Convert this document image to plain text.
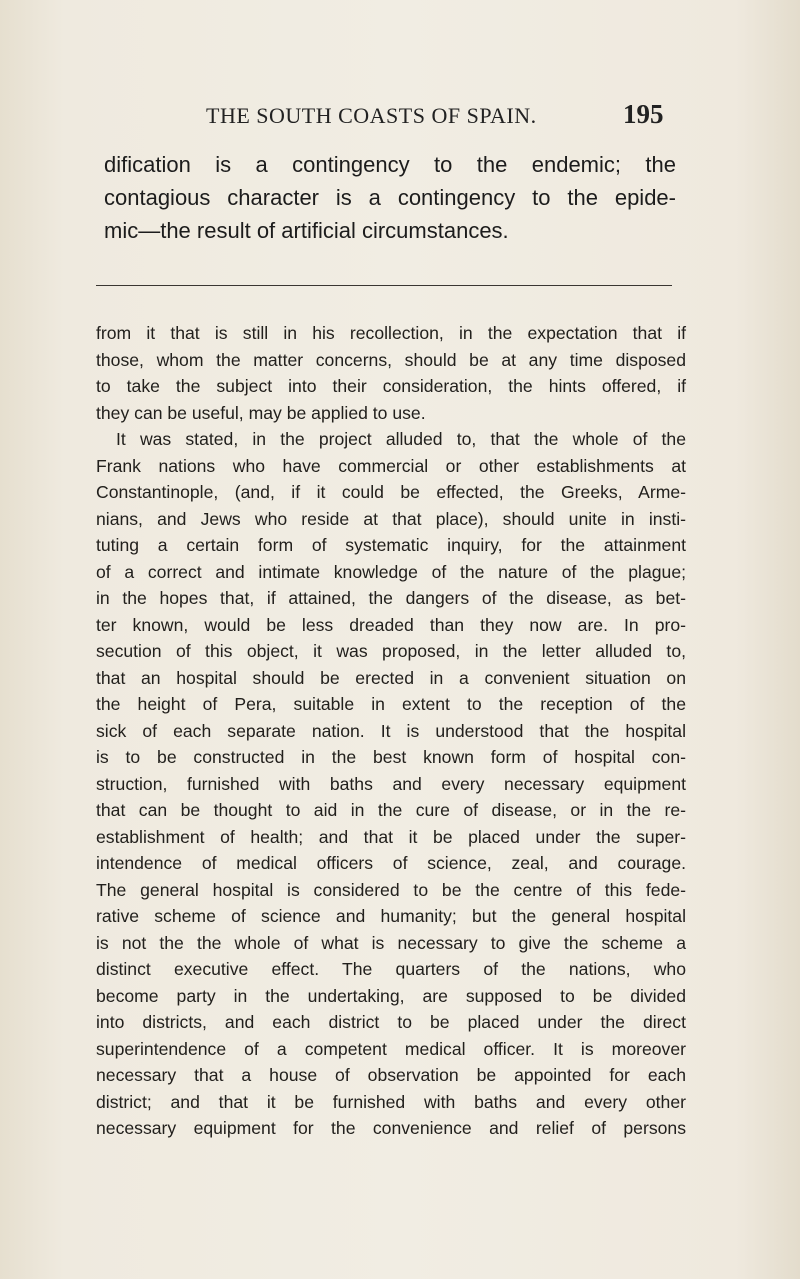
THE SOUTH COASTS OF SPAIN.	195

dification is a contingency to the endemic; the
contagious character is a contingency to the epide-
mic—the result of artificial circumstances.

from it that is still in his recollection, in the expectation that if
those, whom the matter concerns, should be at any time disposed
to take the subject into their consideration, the hints offered, if
they can be useful, may be applied to use.

It was stated, in the project alluded to, that the whole of the
Frank nations who have commercial or other establishments at
Constantinople, (and, if it could be effected, the Greeks, Arme-
nians, and Jews who reside at that place), should unite in insti-
tuting a certain form of systematic inquiry, for the attainment
of a correct and intimate knowledge of the nature of the plague;
in the hopes that, if attained, the dangers of the disease, as bet-
ter known, would be less dreaded than they now are. In pro-
secution of this object, it was proposed, in the letter alluded to,
that an hospital should be erected in a convenient situation on
the height of Pera, suitable in extent to the reception of the
sick of each separate nation. It is understood that the hospital
is to be constructed in the best known form of hospital con-
struction, furnished with baths and every necessary equipment
that can be thought to aid in the cure of disease, or in the re-
establishment of health; and that it be placed under the super-
intendence of medical officers of science, zeal, and courage.
The general hospital is considered to be the centre of this fede-
rative scheme of science and humanity; but the general hospital
is not the the whole of what is necessary to give the scheme a
distinct executive effect. The quarters of the nations, who
become party in the undertaking, are supposed to be divided
into districts, and each district to be placed under the direct
superintendence of a competent medical officer. It is moreover
necessary that a house of observation be appointed for each
district; and that it be furnished with baths and every other
necessary equipment for the convenience and relief of persons
